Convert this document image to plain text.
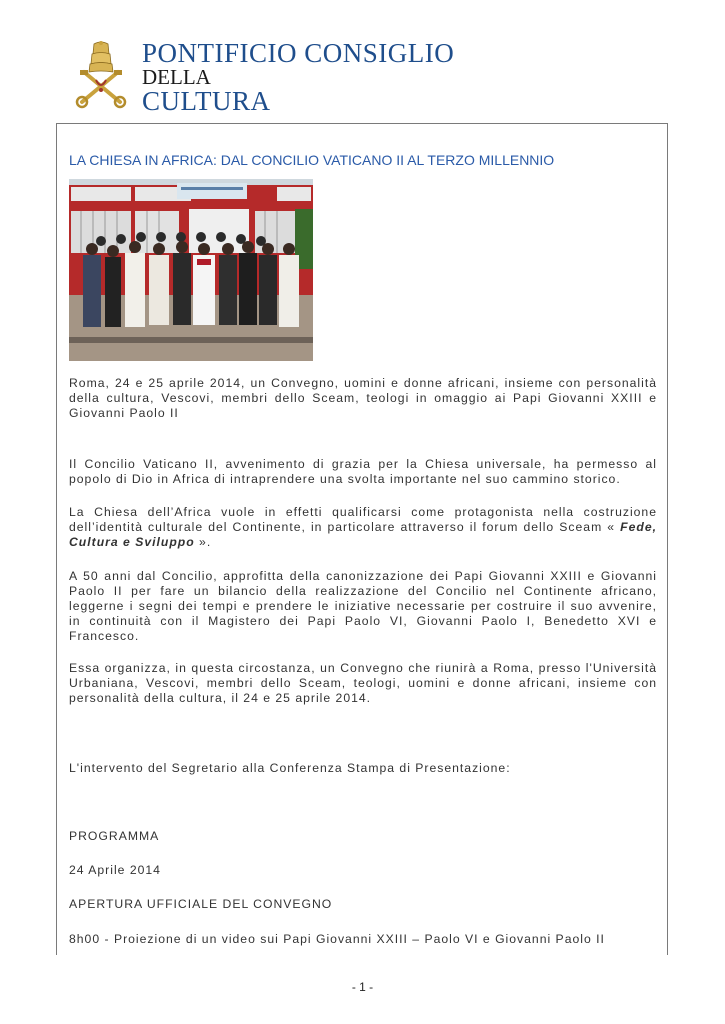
PONTIFICIO CONSIGLIO
DELLA
CULTURA
LA CHIESA IN AFRICA: DAL CONCILIO VATICANO II AL TERZO MILLENNIO

Roma, 24 e 25 aprile 2014, un Convegno, uomini e donne africani, insieme con personalità della cultura, Vescovi, membri dello Sceam, teologi in omaggio ai Papi Giovanni XXIII e Giovanni Paolo II

Il Concilio Vaticano II, avvenimento di grazia per la Chiesa universale, ha permesso al popolo di Dio in Africa di intraprendere una svolta importante nel suo cammino storico.

La Chiesa dell’Africa vuole in effetti qualificarsi come protagonista nella costruzione dell’identità culturale del Continente, in particolare attraverso il forum dello Sceam « Fede, Cultura e Sviluppo ».

A 50 anni dal Concilio, approfitta della canonizzazione dei Papi Giovanni XXIII e Giovanni Paolo II per fare un bilancio della realizzazione del Concilio nel Continente africano, leggerne i segni dei tempi e prendere le iniziative necessarie per costruire il suo avvenire, in continuità con il Magistero dei Papi Paolo VI, Giovanni Paolo I, Benedetto XVI e Francesco.

Essa organizza, in questa circostanza, un Convegno che riunirà a Roma, presso l'Università Urbaniana, Vescovi, membri dello Sceam, teologi, uomini e donne africani, insieme con personalità della cultura, il 24 e 25 aprile 2014.

L'intervento del Segretario alla Conferenza Stampa di Presentazione:

PROGRAMMA

24 Aprile 2014

APERTURA UFFICIALE DEL CONVEGNO

8h00 - Proiezione di un video sui Papi Giovanni XXIII – Paolo VI e Giovanni Paolo II

- 1 -
